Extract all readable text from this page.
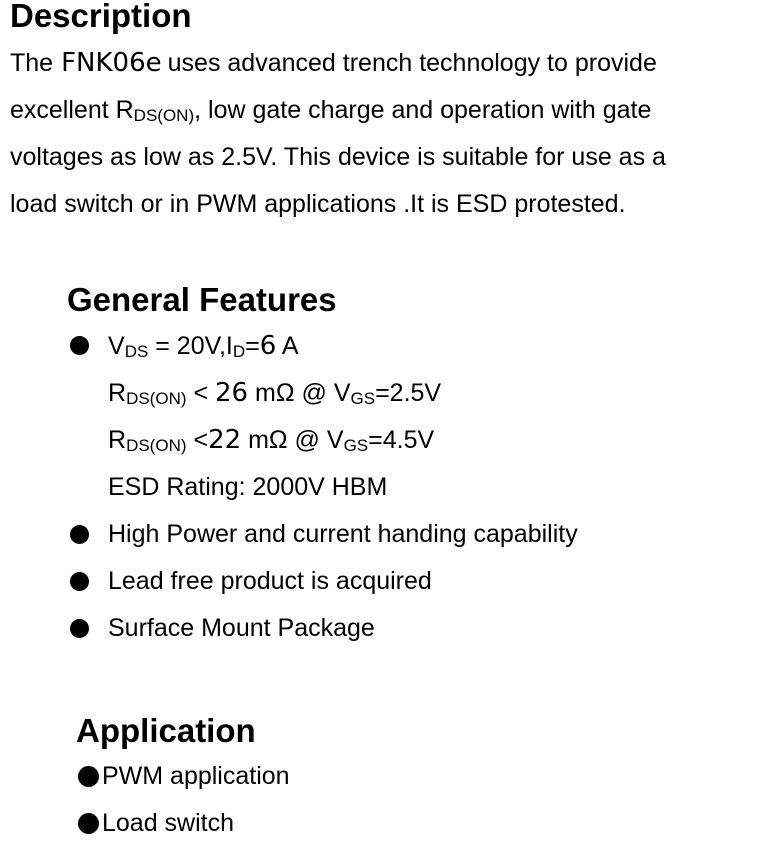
Description
The FNK06e uses advanced trench technology to provide
excellent $R_{DS(ON)}$, low gate charge and operation with gate
voltages as low as 2.5V. This device is suitable for use as a
load switch or in PWM applications .It is ESD protested.
General Features
$V_{DS} = 20V,I_D=6$ A
$R_{DS(ON)} < 26$ mΩ @ $V_{GS}=2.5V$
$R_{DS(ON)} <22$ mΩ @ $V_{GS}=4.5V$
ESD Rating: 2000V HBM
High Power and current handing capability
Lead free product is acquired
Surface Mount Package
Application
PWM application
Load switch
